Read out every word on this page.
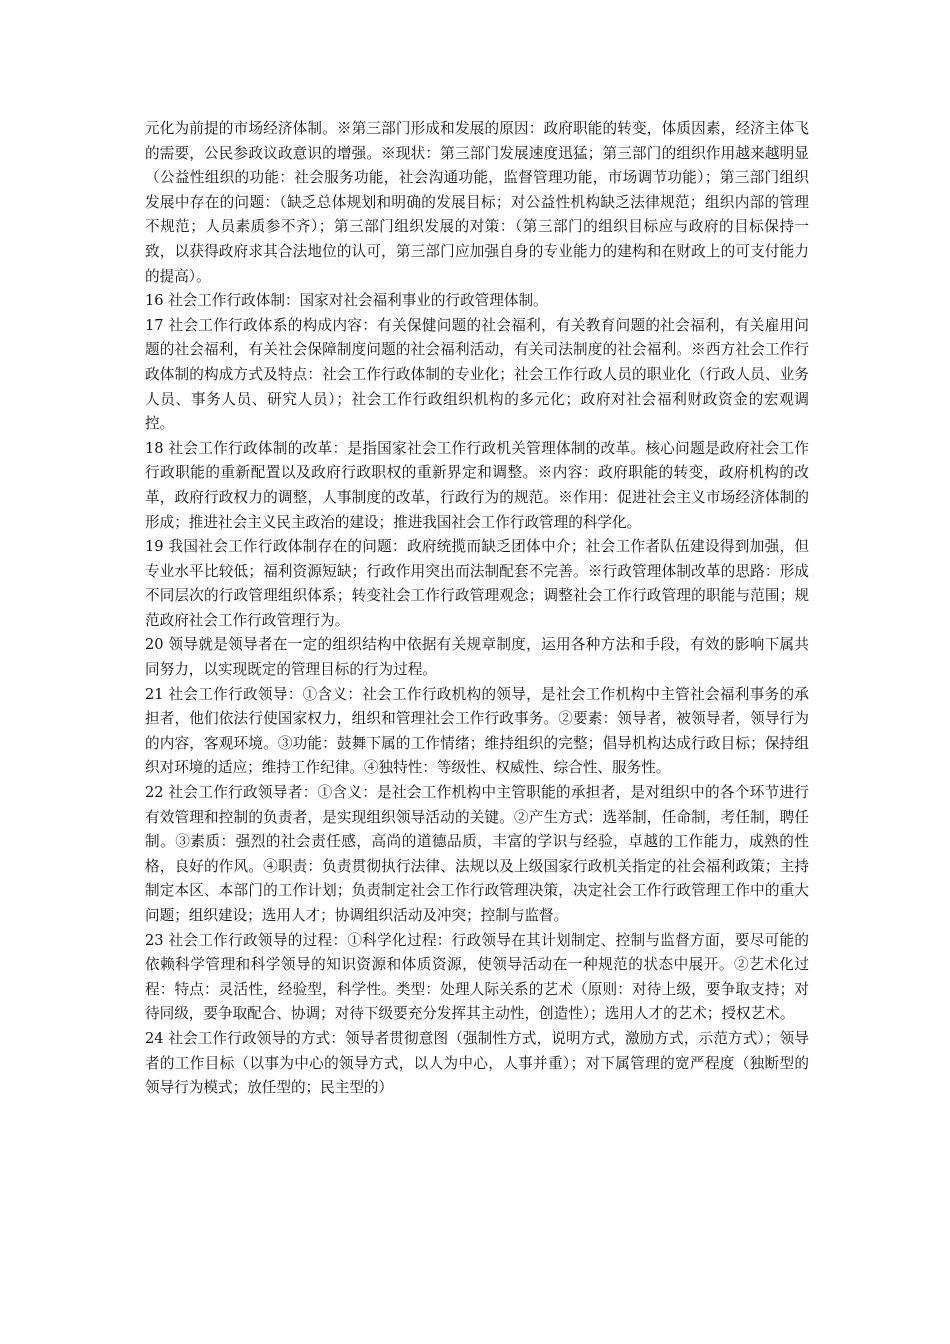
元化为前提的市场经济体制。※第三部门形成和发展的原因：政府职能的转变，体质因素，经济主体飞的需要，公民参政议政意识的增强。※现状：第三部门发展速度迅猛；第三部门的组织作用越来越明显（公益性组织的功能：社会服务功能，社会沟通功能，监督管理功能，市场调节功能）；第三部门组织发展中存在的问题：（缺乏总体规划和明确的发展目标；对公益性机构缺乏法律规范；组织内部的管理不规范；人员素质参不齐）；第三部门组织发展的对策：（第三部门的组织目标应与政府的目标保持一致，以获得政府求其合法地位的认可，第三部门应加强自身的专业能力的建构和在财政上的可支付能力的提高）。

16 社会工作行政体制：国家对社会福利事业的行政管理体制。

17 社会工作行政体系的构成内容：有关保健问题的社会福利，有关教育问题的社会福利，有关雇用问题的社会福利，有关社会保障制度问题的社会福利活动，有关司法制度的社会福利。※西方社会工作行政体制的构成方式及特点：社会工作行政体制的专业化；社会工作行政人员的职业化（行政人员、业务人员、事务人员、研究人员）；社会工作行政组织机构的多元化；政府对社会福利财政资金的宏观调控。

18 社会工作行政体制的改革：是指国家社会工作行政机关管理体制的改革。核心问题是政府社会工作行政职能的重新配置以及政府行政职权的重新界定和调整。※内容：政府职能的转变，政府机构的改革，政府行政权力的调整，人事制度的改革，行政行为的规范。※作用：促进社会主义市场经济体制的形成；推进社会主义民主政治的建设；推进我国社会工作行政管理的科学化。

19 我国社会工作行政体制存在的问题：政府统揽而缺乏团体中介；社会工作者队伍建设得到加强，但专业水平比较低；福利资源短缺；行政作用突出而法制配套不完善。※行政管理体制改革的思路：形成不同层次的行政管理组织体系；转变社会工作行政管理观念；调整社会工作行政管理的职能与范围；规范政府社会工作行政管理行为。

20 领导就是领导者在一定的组织结构中依据有关规章制度，运用各种方法和手段，有效的影响下属共同努力，以实现既定的管理目标的行为过程。

21 社会工作行政领导：①含义：社会工作行政机构的领导，是社会工作机构中主管社会福利事务的承担者，他们依法行使国家权力，组织和管理社会工作行政事务。②要素：领导者，被领导者，领导行为的内容，客观环境。③功能：鼓舞下属的工作情绪；维持组织的完整；倡导机构达成行政目标；保持组织对环境的适应；维持工作纪律。④独特性：等级性、权威性、综合性、服务性。

22 社会工作行政领导者：①含义：是社会工作机构中主管职能的承担者，是对组织中的各个环节进行有效管理和控制的负责者，是实现组织领导活动的关键。②产生方式：选举制，任命制，考任制，聘任制。③素质：强烈的社会责任感，高尚的道德品质，丰富的学识与经验，卓越的工作能力，成熟的性格，良好的作风。④职责：负责贯彻执行法律、法规以及上级国家行政机关指定的社会福利政策；主持制定本区、本部门的工作计划；负责制定社会工作行政管理决策，决定社会工作行政管理工作中的重大问题；组织建设；选用人才；协调组织活动及冲突；控制与监督。

23 社会工作行政领导的过程：①科学化过程：行政领导在其计划制定、控制与监督方面，要尽可能的依赖科学管理和科学领导的知识资源和体质资源，使领导活动在一种规范的状态中展开。②艺术化过程：特点：灵活性，经验型，科学性。类型：处理人际关系的艺术（原则：对待上级，要争取支持；对待同级，要争取配合、协调；对待下级要充分发挥其主动性，创造性）；选用人才的艺术；授权艺术。

24 社会工作行政领导的方式：领导者贯彻意图（强制性方式，说明方式，激励方式，示范方式）；领导者的工作目标（以事为中心的领导方式，以人为中心，人事并重）；对下属管理的宽严程度（独断型的领导行为模式；放任型的；民主型的）
